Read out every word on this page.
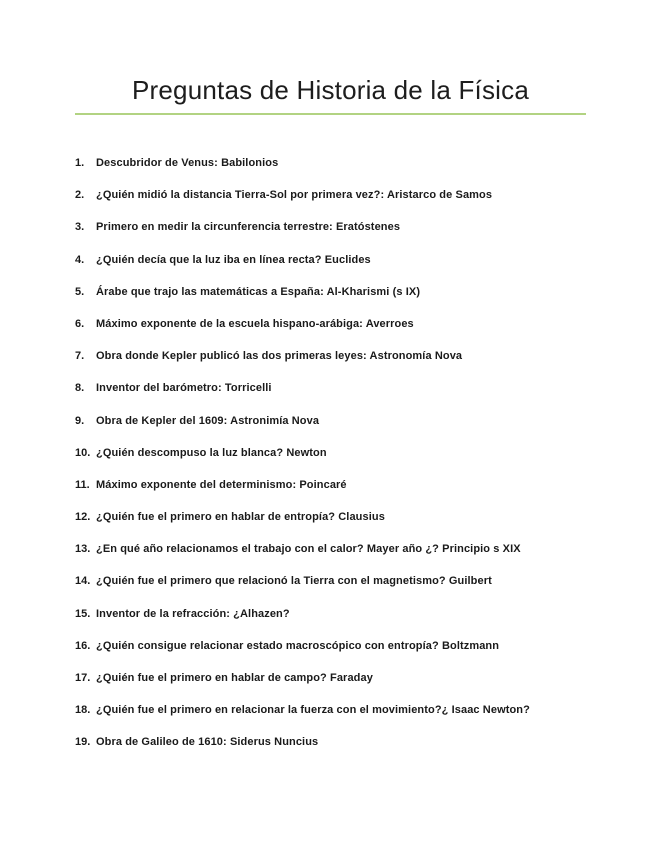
Preguntas de Historia de la Física
1.	Descubridor de Venus: Babilonios
2.	¿Quién midió la distancia Tierra-Sol por primera vez?: Aristarco de Samos
3.	Primero en medir la circunferencia terrestre: Eratóstenes
4.	¿Quién decía que la luz iba en línea recta? Euclides
5.	Árabe que trajo las matemáticas a España: Al-Kharismi (s IX)
6.	Máximo exponente de la escuela hispano-arábiga: Averroes
7.	Obra donde Kepler publicó las dos primeras leyes: Astronomía Nova
8.	Inventor del barómetro: Torricelli
9.	Obra de Kepler del 1609: Astronimía Nova
10. ¿Quién descompuso la luz blanca? Newton
11. Máximo exponente del determinismo: Poincaré
12. ¿Quién fue el primero en hablar de entropía? Clausius
13. ¿En qué año relacionamos el trabajo con el calor? Mayer año ¿? Principio s XIX
14. ¿Quién fue el primero que relacionó la Tierra con el magnetismo? Guilbert
15. Inventor de la refracción: ¿Alhazen?
16. ¿Quién consigue relacionar estado macroscópico con entropía? Boltzmann
17. ¿Quién fue el primero en hablar de campo? Faraday
18. ¿Quién fue el primero en relacionar la fuerza con el movimiento?¿ Isaac Newton?
19. Obra de Galileo de 1610: Siderus Nuncius
